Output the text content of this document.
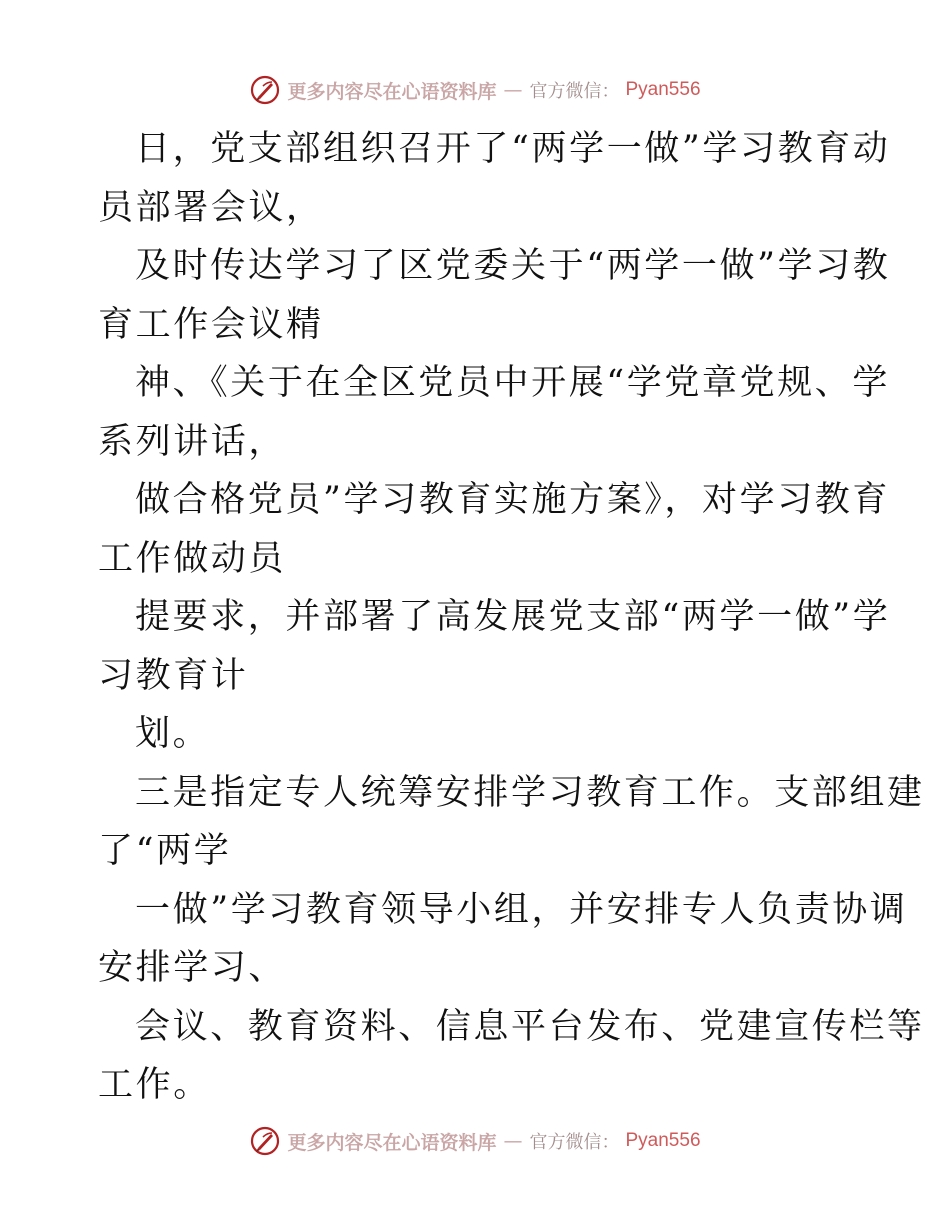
更多内容尽在心语资料库 — 官方微信： Pyan556
日，党支部组织召开了“两学一做”学习教育动
员部署会议，
及时传达学习了区党委关于“两学一做”学习教
育工作会议精
神、《关于在全区党员中开展“学党章党规、学
系列讲话，
做合格党员”学习教育实施方案》，对学习教育
工作做动员
提要求，并部署了高发展党支部“两学一做”学
习教育计
划。
三是指定专人统筹安排学习教育工作。支部组建
了“两学
一做”学习教育领导小组，并安排专人负责协调
安排学习、
会议、教育资料、信息平台发布、党建宣传栏等
工作。
更多内容尽在心语资料库 — 官方微信： Pyan556
